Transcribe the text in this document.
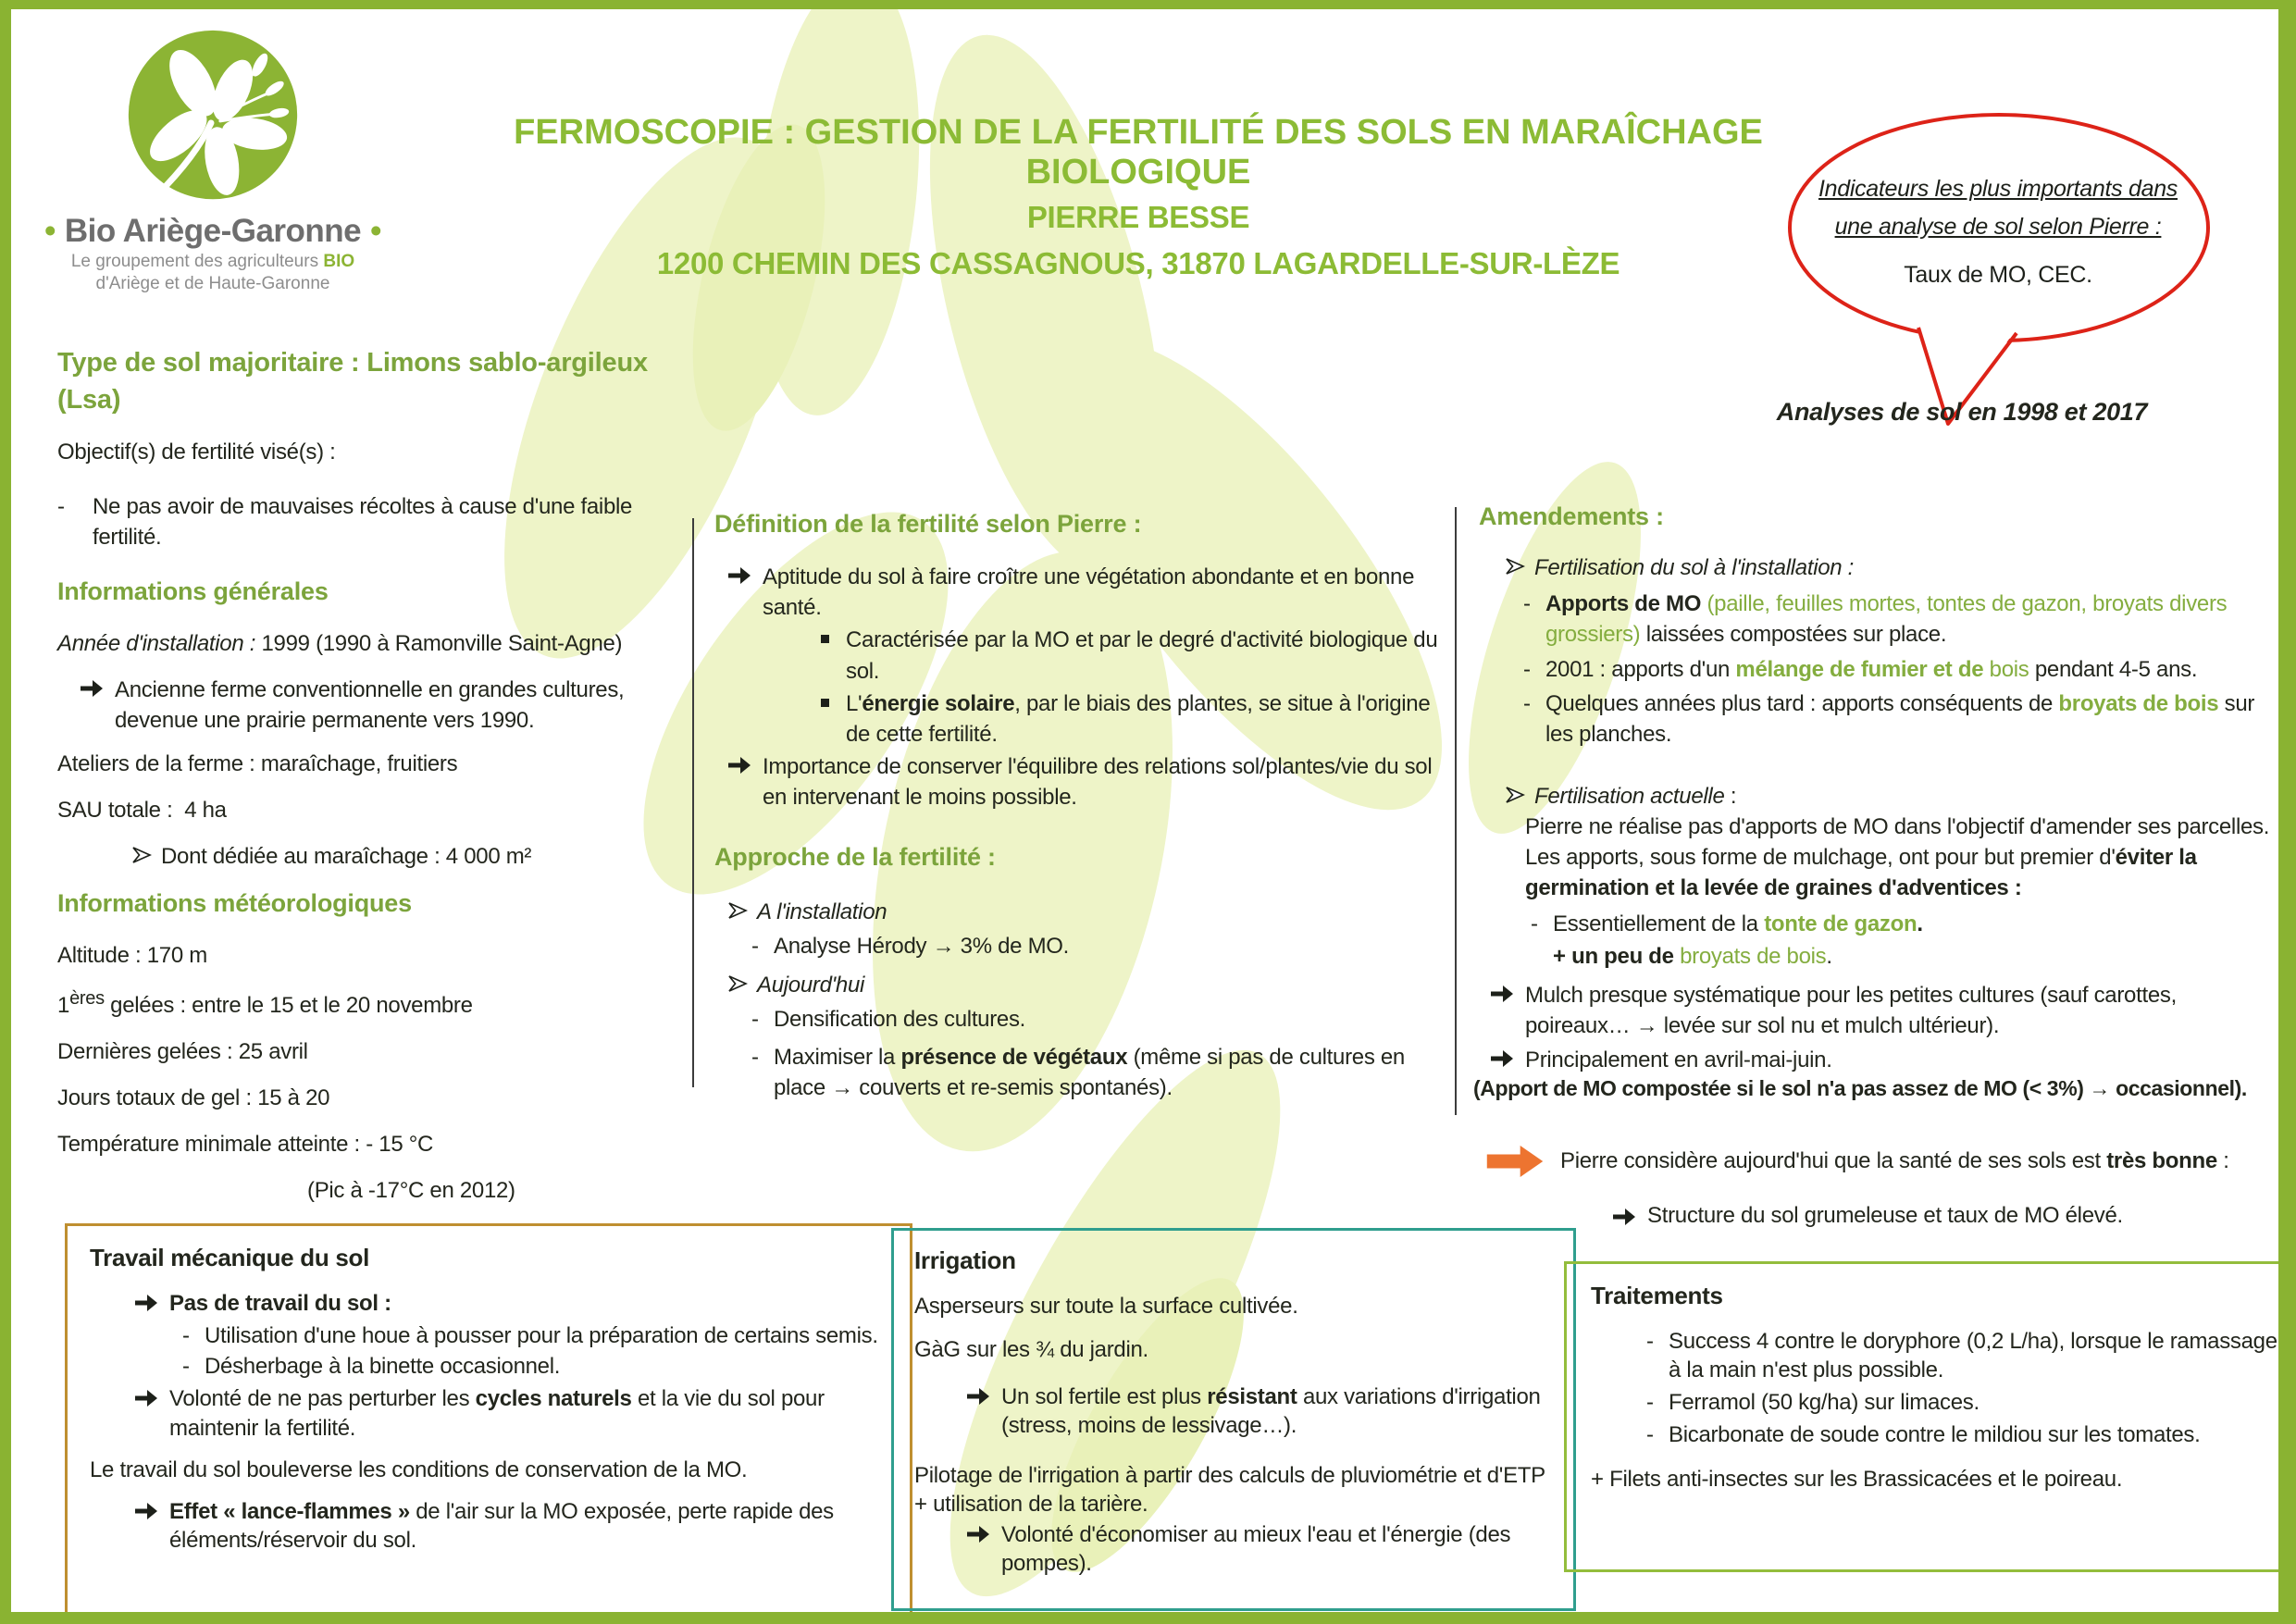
• Bio Ariège-Garonne •
Le groupement des agriculteurs BIO
d'Ariège et de Haute-Garonne
FERMOSCOPIE : GESTION DE LA FERTILITÉ DES SOLS EN MARAÎCHAGE BIOLOGIQUE
PIERRE BESSE
1200 CHEMIN DES CASSAGNOUS, 31870 LAGARDELLE-SUR-LÈZE
Indicateurs les plus importants dans
une analyse de sol selon Pierre :
Taux de MO, CEC.
Analyses de sol en 1998 et 2017
Type de sol majoritaire : Limons sablo-argileux (Lsa)
Objectif(s) de fertilité visé(s) :
-	Ne pas avoir de mauvaises récoltes à cause d'une faible fertilité.
Informations générales
Année d'installation : 1999 (1990 à Ramonville Saint-Agne)
Ancienne ferme conventionnelle en grandes cultures, devenue une prairie permanente vers 1990.
Ateliers de la ferme : maraîchage, fruitiers
SAU totale :  4 ha
Dont dédiée au maraîchage : 4 000 m²
Informations météorologiques
Altitude : 170 m
1ères gelées : entre le 15 et le 20 novembre
Dernières gelées : 25 avril
Jours totaux de gel : 15 à 20
Température minimale atteinte : - 15 °C
(Pic à -17°C en 2012)
Définition de la fertilité selon Pierre :
Aptitude du sol à faire croître une végétation abondante et en bonne santé.
Caractérisée par la MO et par le degré d'activité biologique du sol.
L'énergie solaire, par le biais des plantes, se situe à l'origine de cette fertilité.
Importance de conserver l'équilibre des relations sol/plantes/vie du sol en intervenant le moins possible.
Approche de la fertilité :
A l'installation
- Analyse Hérody → 3% de MO.
Aujourd'hui
- Densification des cultures.
- Maximiser la présence de végétaux (même si pas de cultures en place → couverts et re-semis spontanés).
Amendements :
Fertilisation du sol à l'installation :
- Apports de MO (paille, feuilles mortes, tontes de gazon, broyats divers grossiers) laissées compostées sur place.
- 2001 : apports d'un mélange de fumier et de bois pendant 4-5 ans.
- Quelques années plus tard : apports conséquents de broyats de bois sur les planches.
Fertilisation actuelle :
Pierre ne réalise pas d'apports de MO dans l'objectif d'amender ses parcelles. Les apports, sous forme de mulchage, ont pour but premier d'éviter la germination et la levée de graines d'adventices :
- Essentiellement de la tonte de gazon.
+ un peu de broyats de bois.
Mulch presque systématique pour les petites cultures (sauf carottes, poireaux… → levée sur sol nu et mulch ultérieur).
Principalement en avril-mai-juin.
(Apport de MO compostée si le sol n'a pas assez de MO (< 3%) → occasionnel).
Pierre considère aujourd'hui que la santé de ses sols est très bonne :
Structure du sol grumeleuse et taux de MO élevé.
Travail mécanique du sol
Pas de travail du sol :
- Utilisation d'une houe à pousser pour la préparation de certains semis.
- Désherbage à la binette occasionnel.
Volonté de ne pas perturber les cycles naturels et la vie du sol pour maintenir la fertilité.
Le travail du sol bouleverse les conditions de conservation de la MO.
Effet « lance-flammes » de l'air sur la MO exposée, perte rapide des éléments/réservoir du sol.
Irrigation
Asperseurs sur toute la surface cultivée.
GàG sur les ¾ du jardin.
Un sol fertile est plus résistant aux variations d'irrigation (stress, moins de lessivage…).
Pilotage de l'irrigation à partir des calculs de pluviométrie et d'ETP + utilisation de la tarière.
Volonté d'économiser au mieux l'eau et l'énergie (des pompes).
Traitements
- Success 4 contre le doryphore (0,2 L/ha), lorsque le ramassage à la main n'est plus possible.
- Ferramol (50 kg/ha) sur limaces.
- Bicarbonate de soude contre le mildiou sur les tomates.
+ Filets anti-insectes sur les Brassicacées et le poireau.
